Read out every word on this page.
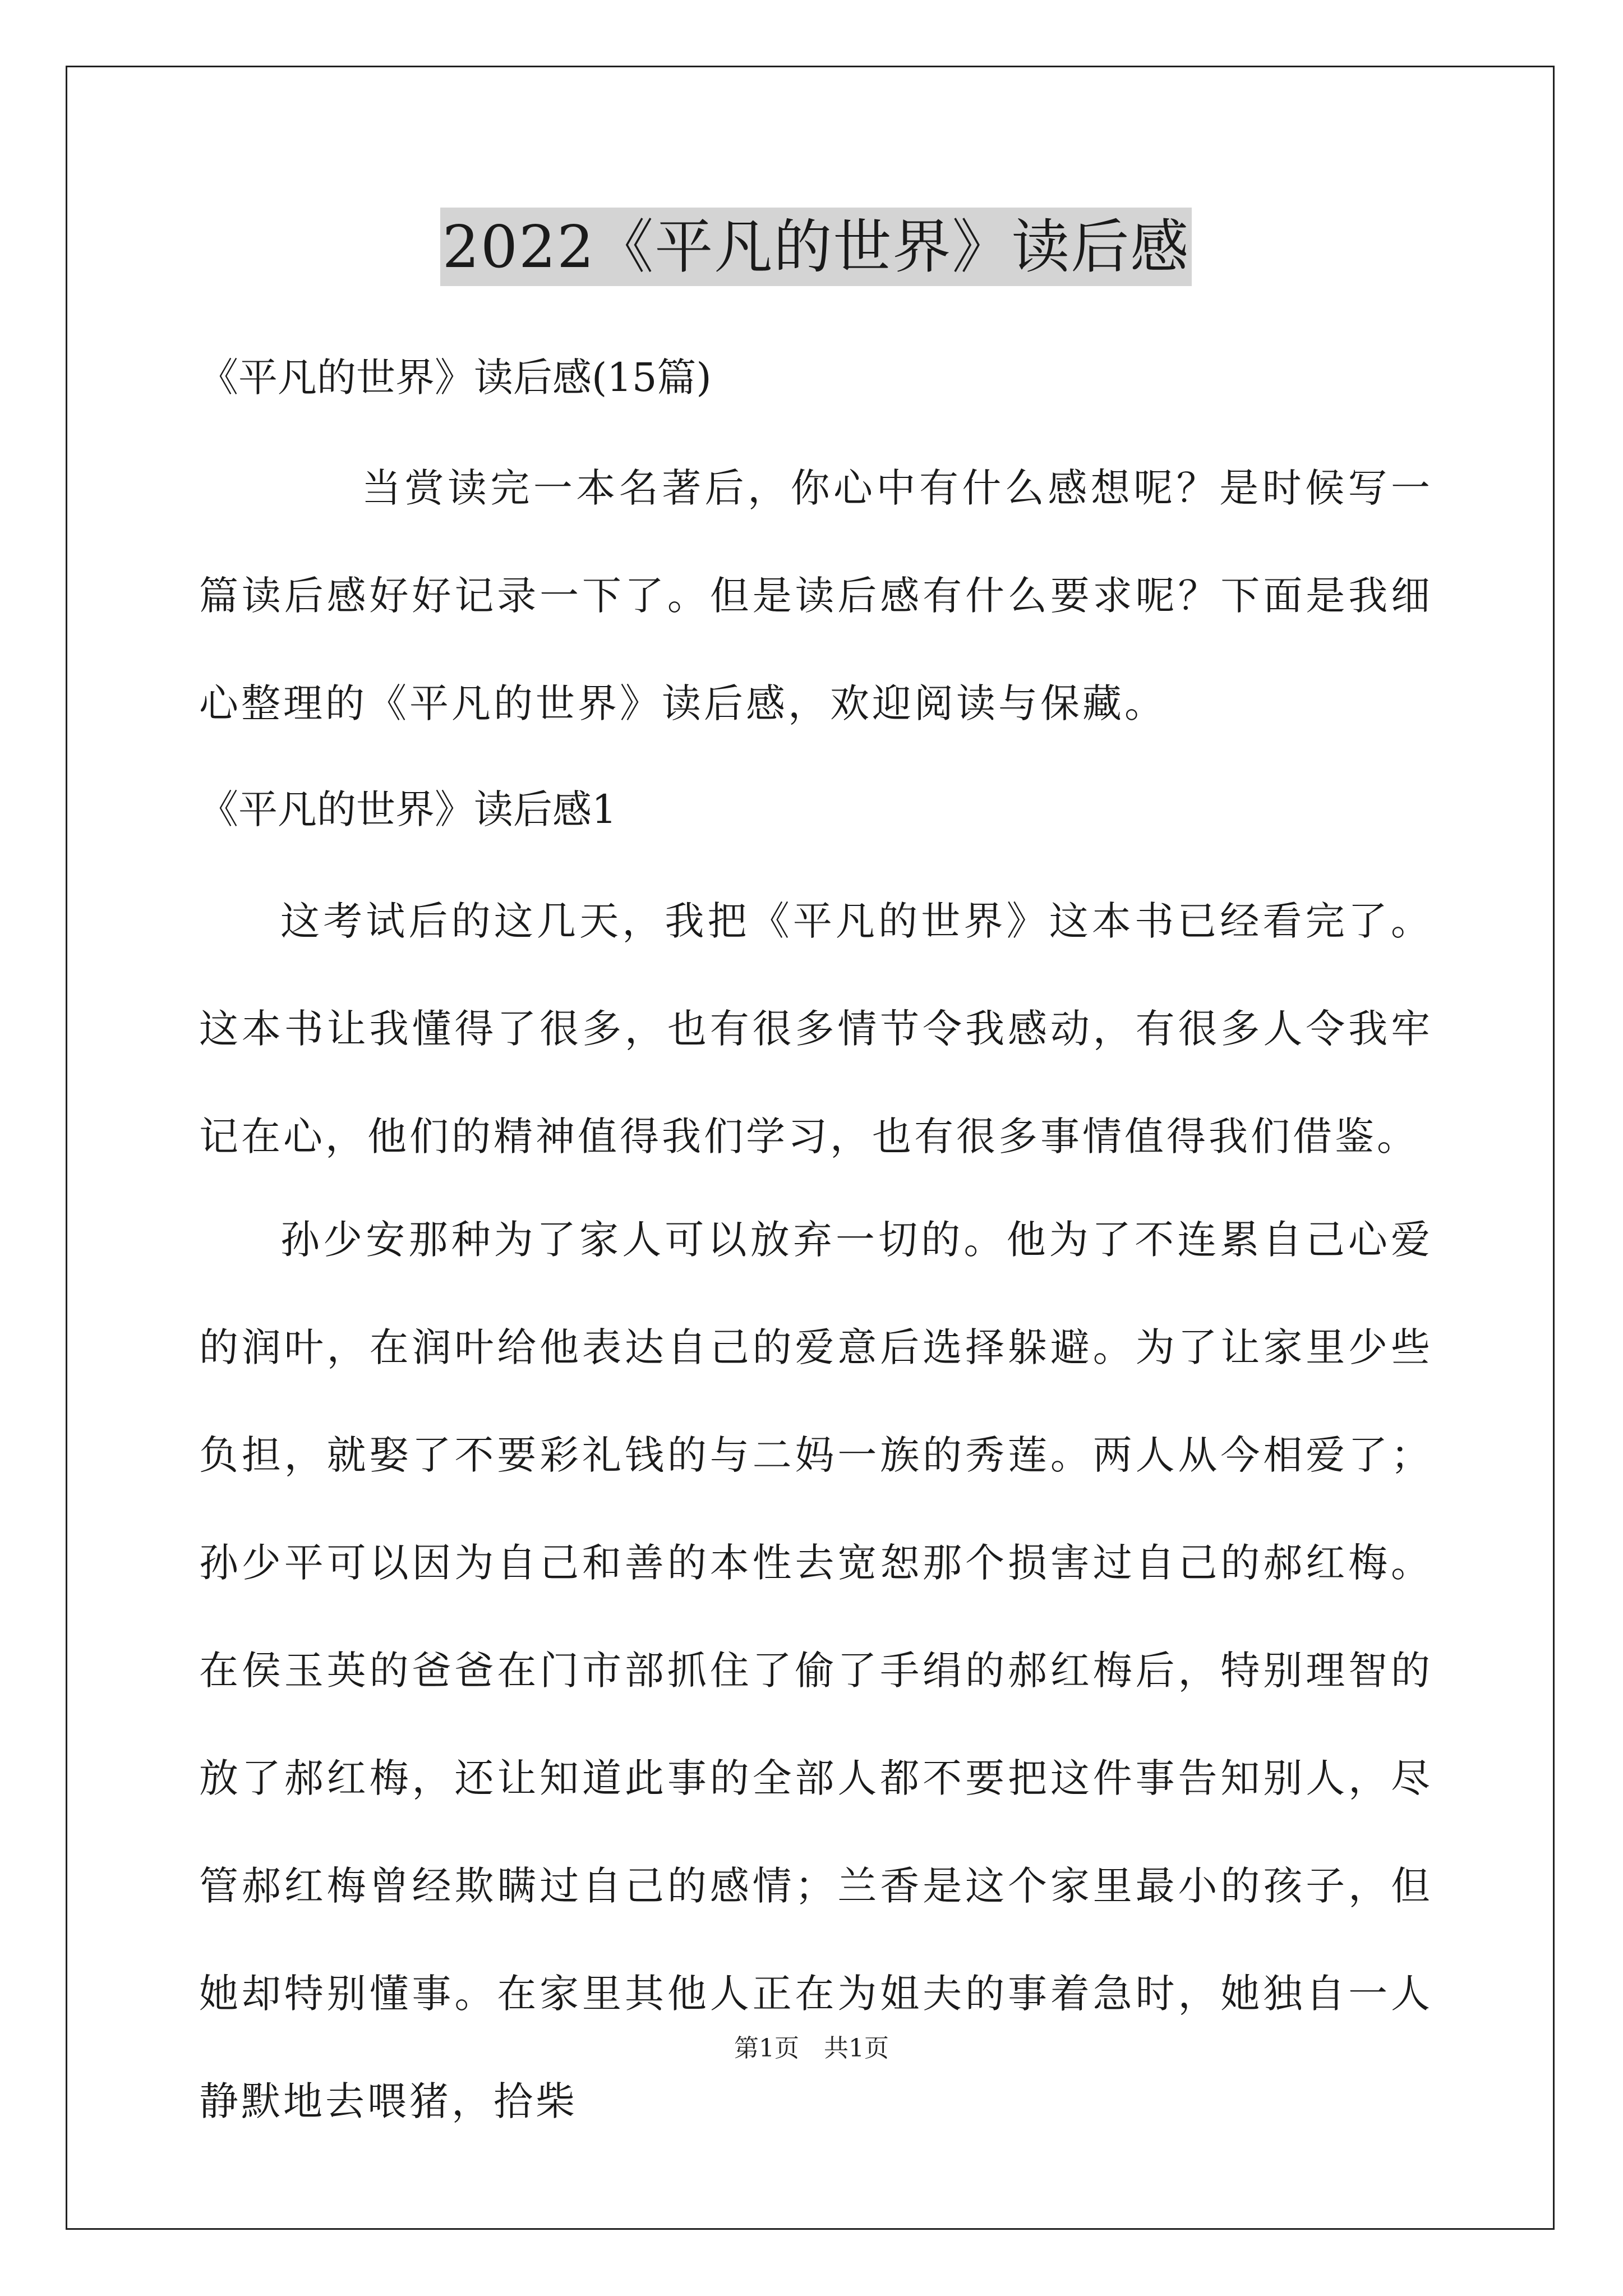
2022《平凡的世界》读后感
《平凡的世界》读后感(15篇)

当赏读完一本名著后，你心中有什么感想呢？是时候写一篇读后感好好记录一下了。但是读后感有什么要求呢？下面是我细心整理的《平凡的世界》读后感，欢迎阅读与保藏。

《平凡的世界》读后感1

这考试后的这几天，我把《平凡的世界》这本书已经看完了。这本书让我懂得了很多，也有很多情节令我感动，有很多人令我牢记在心，他们的精神值得我们学习，也有很多事情值得我们借鉴。

孙少安那种为了家人可以放弃一切的。他为了不连累自己心爱的润叶，在润叶给他表达自己的爱意后选择躲避。为了让家里少些负担，就娶了不要彩礼钱的与二妈一族的秀莲。两人从今相爱了；孙少平可以因为自己和善的本性去宽恕那个损害过自己的郝红梅。在侯玉英的爸爸在门市部抓住了偷了手绢的郝红梅后，特别理智的放了郝红梅，还让知道此事的全部人都不要把这件事告知别人，尽管郝红梅曾经欺瞒过自己的感情；兰香是这个家里最小的孩子，但她却特别懂事。在家里其他人正在为姐夫的事着急时，她独自一人静默地去喂猪，拾柴

第1页　共1页
